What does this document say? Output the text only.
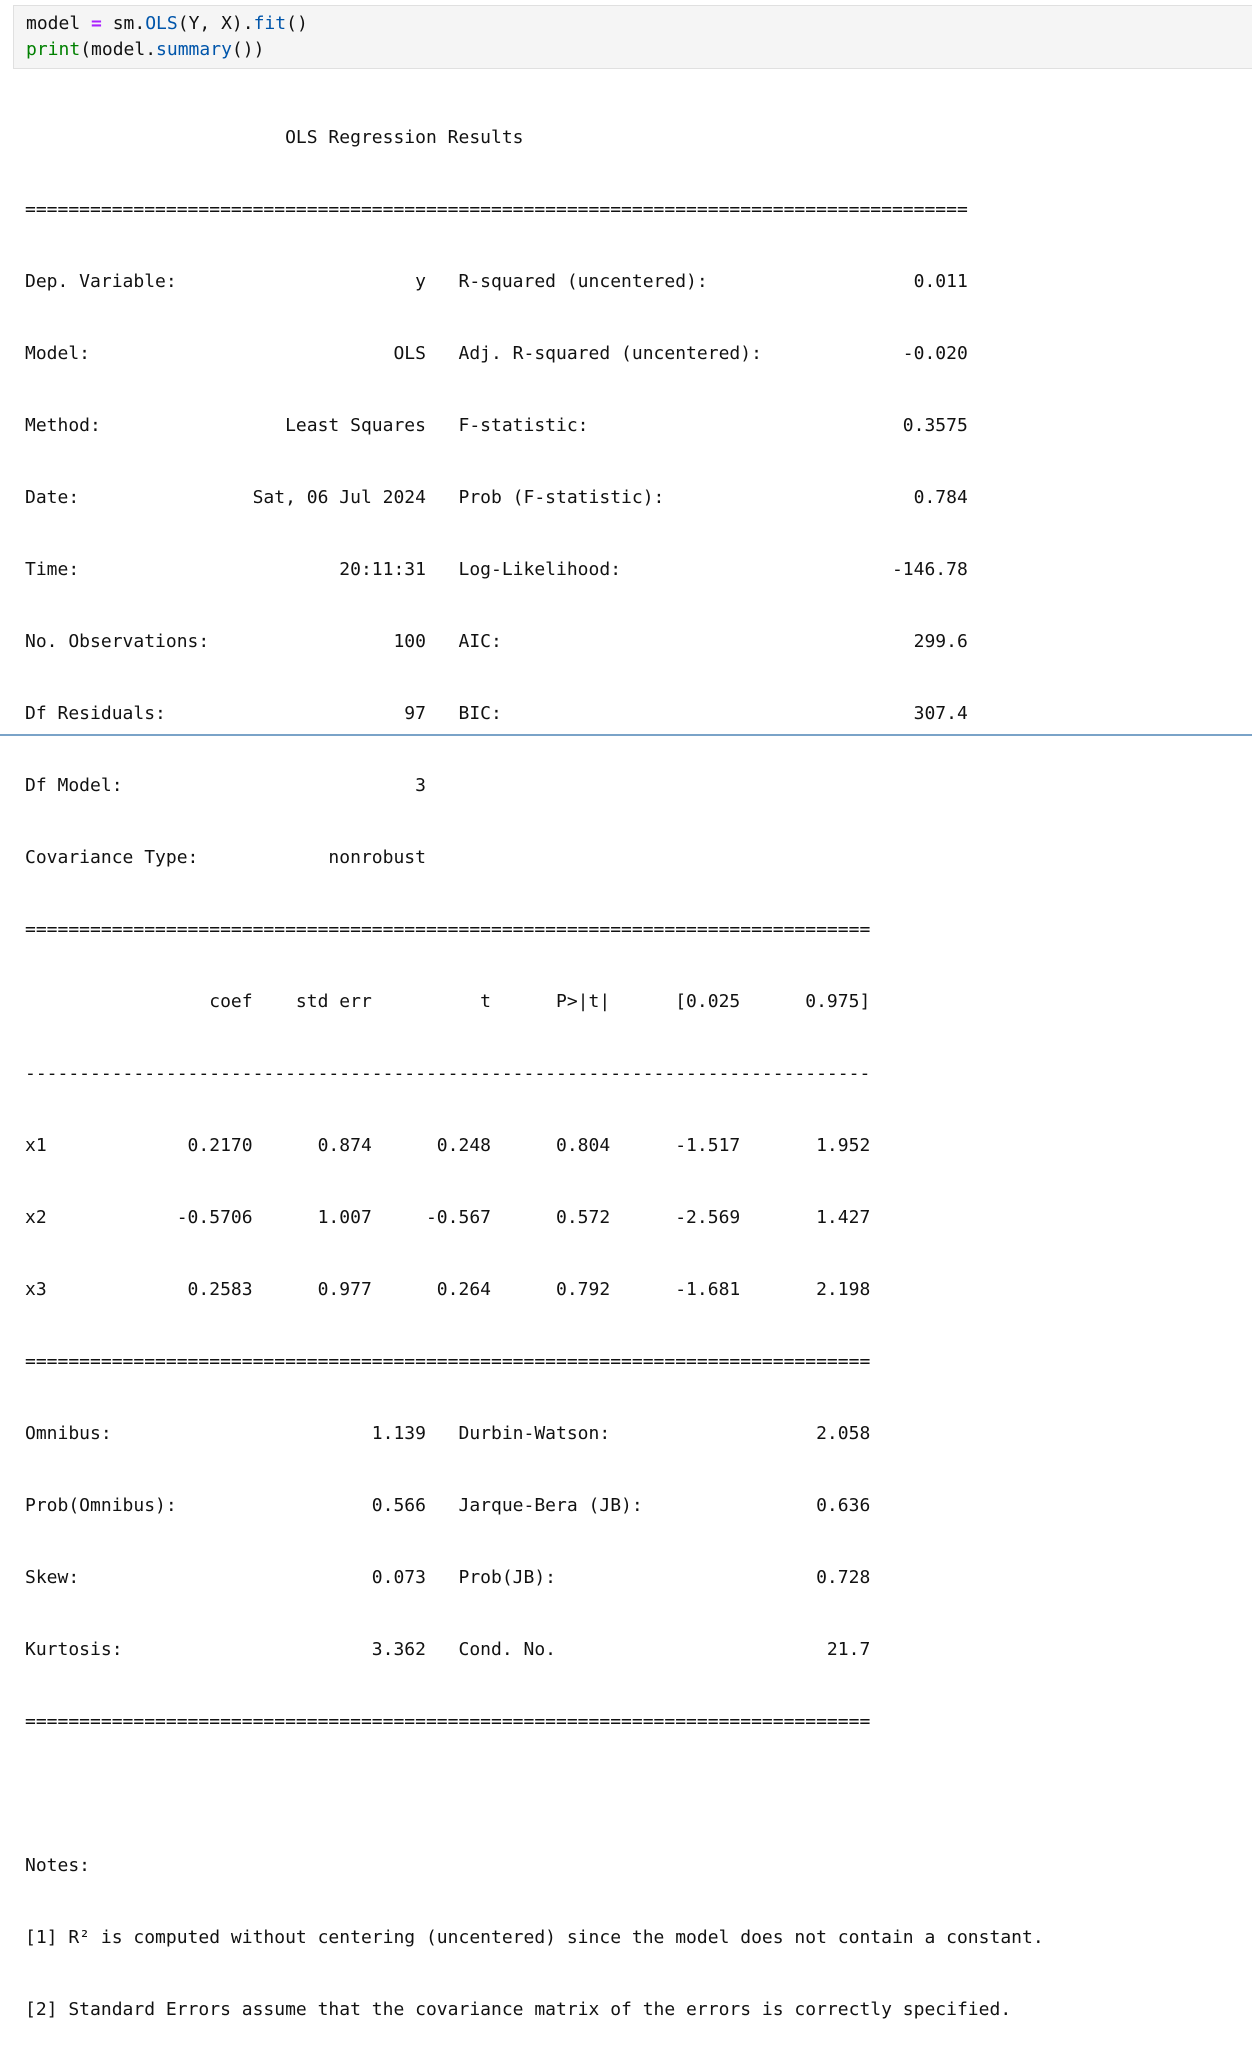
model = sm.OLS(Y, X).fit()
print(model.summary())

OLS Regression Results

=======================================================================================

Dep. Variable:                      y   R-squared (uncentered):                   0.011

Model:                            OLS   Adj. R-squared (uncentered):             -0.020

Method:                 Least Squares   F-statistic:                             0.3575

Date:                Sat, 06 Jul 2024   Prob (F-statistic):                       0.784

Time:                        20:11:31   Log-Likelihood:                         -146.78

No. Observations:                 100   AIC:                                      299.6

Df Residuals:                      97   BIC:                                      307.4

Df Model:                           3

Covariance Type:            nonrobust

==============================================================================

coef    std err          t      P>|t|      [0.025      0.975]

------------------------------------------------------------------------------

x1             0.2170      0.874      0.248      0.804      -1.517       1.952

x2            -0.5706      1.007     -0.567      0.572      -2.569       1.427

x3             0.2583      0.977      0.264      0.792      -1.681       2.198

==============================================================================

Omnibus:                        1.139   Durbin-Watson:                   2.058

Prob(Omnibus):                  0.566   Jarque-Bera (JB):                0.636

Skew:                           0.073   Prob(JB):                        0.728

Kurtosis:                       3.362   Cond. No.                         21.7

==============================================================================

Notes:

[1] R² is computed without centering (uncentered) since the model does not contain a constant.

[2] Standard Errors assume that the covariance matrix of the errors is correctly specified.
